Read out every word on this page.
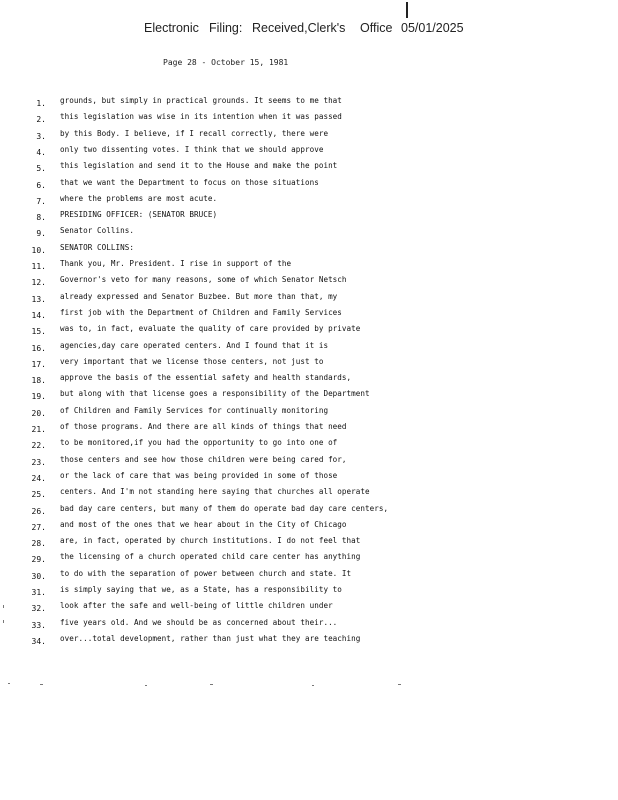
Electronic Filing: Received,Clerk's Office 05/01/2025
Page 28 - October 15, 1981
1. grounds, but simply in practical grounds. It seems to me that
2. this legislation was wise in its intention when it was passed
3. by this Body. I believe, if I recall correctly, there were
4. only two dissenting votes. I think that we should approve
5. this legislation and send it to the House and make the point
6. that we want the Department to focus on those situations
7. where the problems are most acute.
8. PRESIDING OFFICER: (SENATOR BRUCE)
9. Senator Collins.
10. SENATOR COLLINS:
11. Thank you, Mr. President. I rise in support of the
12. Governor's veto for many reasons, some of which Senator Netsch
13. already expressed and Senator Buzbee. But more than that, my
14. first job with the Department of Children and Family Services
15. was to, in fact, evaluate the quality of care provided by private
16. agencies,day care operated centers. And I found that it is
17. very important that we license those centers, not just to
18. approve the basis of the essential safety and health standards,
19. but along with that license goes a responsibility of the Department
20. of Children and Family Services for continually monitoring
21. of those programs. And there are all kinds of things that need
22. to be monitored,if you had the opportunity to go into one of
23. those centers and see how those children were being cared for,
24. or the lack of care that was being provided in some of those
25. centers. And I'm not standing here saying that churches all operate
26. bad day care centers, but many of them do operate bad day care centers,
27. and most of the ones that we hear about in the City of Chicago
28. are, in fact, operated by church institutions. I do not feel that
29. the licensing of a church operated child care center has anything
30. to do with the separation of power between church and state. It
31. is simply saying that we, as a State, has a responsibility to
32. look after the safe and well-being of little children under
33. five years old. And we should be as concerned about their...
34. over...total development, rather than just what they are teaching
